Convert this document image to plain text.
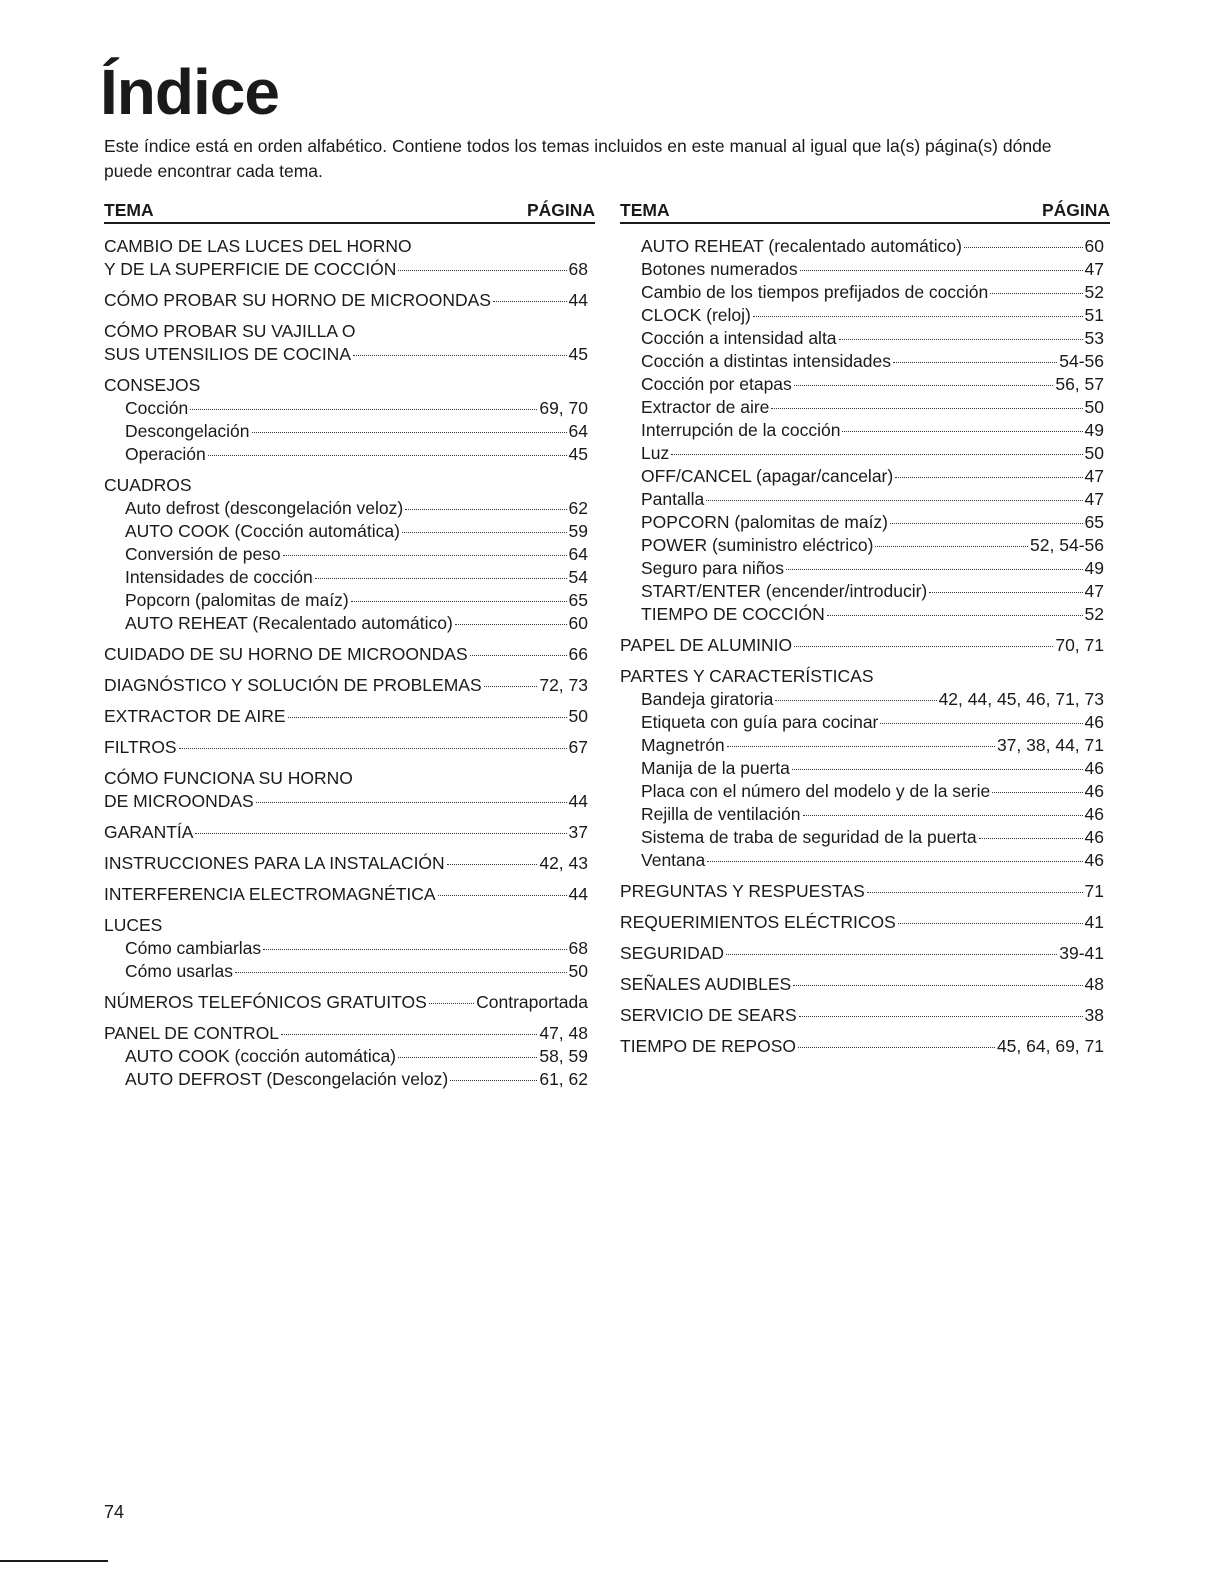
Índice

Este índice está en orden alfabético. Contiene todos los temas incluidos en este manual al igual que la(s) página(s) dónde puede encontrar cada tema.

TEMA	PÁGINA
CAMBIO DE LAS LUCES DEL HORNO
Y DE LA SUPERFICIE DE COCCIÓN	68
CÓMO PROBAR SU HORNO DE MICROONDAS	44
CÓMO PROBAR SU VAJILLA O
SUS UTENSILIOS DE COCINA	45
CONSEJOS
Cocción	69, 70
Descongelación	64
Operación	45
CUADROS
Auto defrost (descongelación veloz)	62
AUTO COOK (Cocción automática)	59
Conversión de peso	64
Intensidades de cocción	54
Popcorn (palomitas de maíz)	65
AUTO REHEAT (Recalentado automático)	60
CUIDADO DE SU HORNO DE MICROONDAS	66
DIAGNÓSTICO Y SOLUCIÓN DE PROBLEMAS	72, 73
EXTRACTOR DE AIRE	50
FILTROS	67
CÓMO FUNCIONA SU HORNO
DE MICROONDAS	44
GARANTÍA	37
INSTRUCCIONES PARA LA INSTALACIÓN	42, 43
INTERFERENCIA ELECTROMAGNÉTICA	44
LUCES
Cómo cambiarlas	68
Cómo usarlas	50
NÚMEROS TELEFÓNICOS GRATUITOS	Contraportada
PANEL DE CONTROL	47, 48
AUTO COOK (cocción automática)	58, 59
AUTO DEFROST (Descongelación veloz)	61, 62
TEMA	PÁGINA
AUTO REHEAT (recalentado automático)	60
Botones numerados	47
Cambio de los tiempos prefijados de cocción	52
CLOCK (reloj)	51
Cocción a intensidad alta	53
Cocción a distintas intensidades	54-56
Cocción por etapas	56, 57
Extractor de aire	50
Interrupción de la cocción	49
Luz	50
OFF/CANCEL (apagar/cancelar)	47
Pantalla	47
POPCORN (palomitas de maíz)	65
POWER (suministro eléctrico)	52, 54-56
Seguro para niños	49
START/ENTER (encender/introducir)	47
TIEMPO DE COCCIÓN	52
PAPEL DE ALUMINIO	70, 71
PARTES Y CARACTERÍSTICAS
Bandeja giratoria	42, 44, 45, 46, 71, 73
Etiqueta con guía para cocinar	46
Magnetrón	37, 38, 44, 71
Manija de la puerta	46
Placa con el número del modelo y de la serie	46
Rejilla de ventilación	46
Sistema de traba de seguridad de la puerta	46
Ventana	46
PREGUNTAS Y RESPUESTAS	71
REQUERIMIENTOS ELÉCTRICOS	41
SEGURIDAD	39-41
SEÑALES AUDIBLES	48
SERVICIO DE SEARS	38
TIEMPO DE REPOSO	45, 64, 69, 71
74
